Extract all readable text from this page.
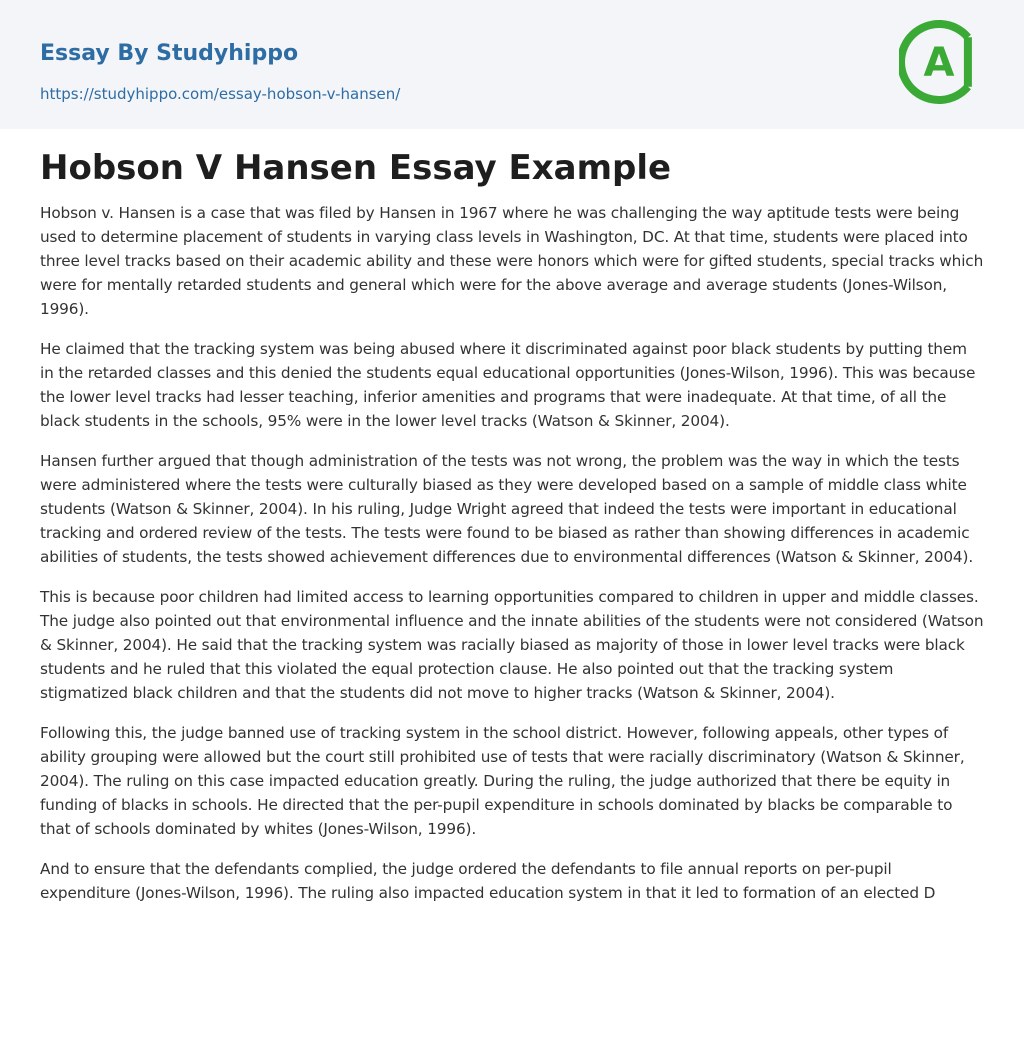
Essay By Studyhippo
https://studyhippo.com/essay-hobson-v-hansen/
A
Hobson V Hansen Essay Example

Hobson v. Hansen is a case that was filed by Hansen in 1967 where he was challenging the way aptitude tests were being used to determine placement of students in varying class levels in Washington, DC. At that time, students were placed into three level tracks based on their academic ability and these were honors which were for gifted students, special tracks which were for mentally retarded students and general which were for the above average and average students (Jones-Wilson, 1996).

He claimed that the tracking system was being abused where it discriminated against poor black students by putting them in the retarded classes and this denied the students equal educational opportunities (Jones-Wilson, 1996). This was because the lower level tracks had lesser teaching, inferior amenities and programs that were inadequate. At that time, of all the black students in the schools, 95% were in the lower level tracks (Watson & Skinner, 2004).

Hansen further argued that though administration of the tests was not wrong, the problem was the way in which the tests were administered where the tests were culturally biased as they were developed based on a sample of middle class white students (Watson & Skinner, 2004). In his ruling, Judge Wright agreed that indeed the tests were important in educational tracking and ordered review of the tests. The tests were found to be biased as rather than showing differences in academic abilities of students, the tests showed achievement differences due to environmental differences (Watson & Skinner, 2004).

This is because poor children had limited access to learning opportunities compared to children in upper and middle classes. The judge also pointed out that environmental influence and the innate abilities of the students were not considered (Watson & Skinner, 2004). He said that the tracking system was racially biased as majority of those in lower level tracks were black students and he ruled that this violated the equal protection clause. He also pointed out that the tracking system stigmatized black children and that the students did not move to higher tracks (Watson & Skinner, 2004).

Following this, the judge banned use of tracking system in the school district. However, following appeals, other types of ability grouping were allowed but the court still prohibited use of tests that were racially discriminatory (Watson & Skinner, 2004). The ruling on this case impacted education greatly. During the ruling, the judge authorized that there be equity in funding of blacks in schools. He directed that the per-pupil expenditure in schools dominated by blacks be comparable to that of schools dominated by whites (Jones-Wilson, 1996).

And to ensure that the defendants complied, the judge ordered the defendants to file annual reports on per-pupil expenditure (Jones-Wilson, 1996). The ruling also impacted education system in that it led to formation of an elected D
